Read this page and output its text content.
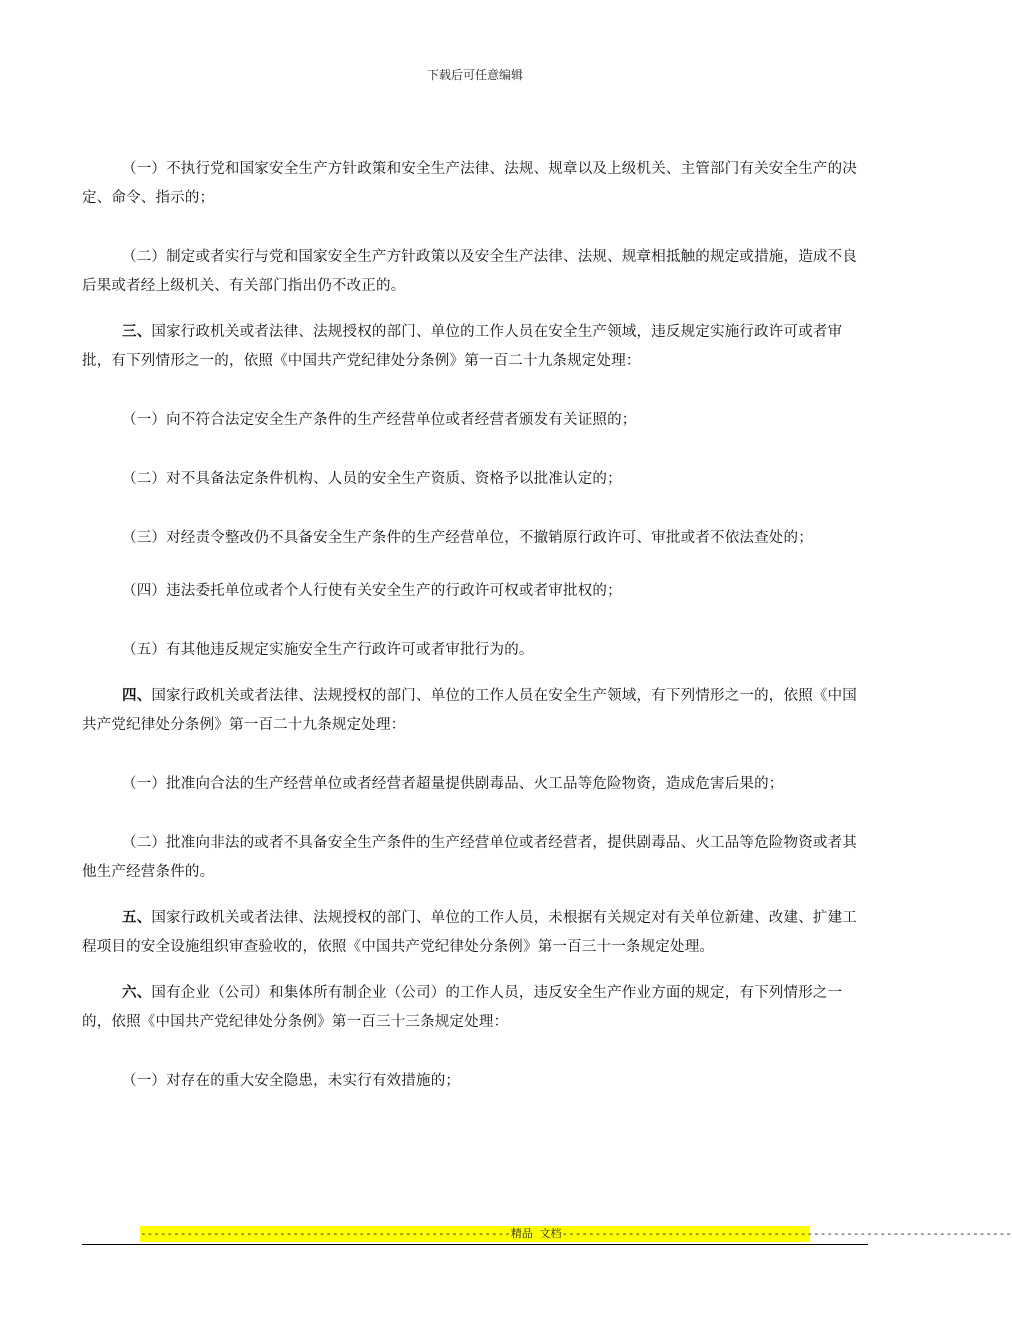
下载后可任意编辑

（一）不执行党和国家安全生产方针政策和安全生产法律、法规、规章以及上级机关、主管部门有关安全生产的决定、命令、指示的；

（二）制定或者实行与党和国家安全生产方针政策以及安全生产法律、法规、规章相抵触的规定或措施，造成不良后果或者经上级机关、有关部门指出仍不改正的。

三、国家行政机关或者法律、法规授权的部门、单位的工作人员在安全生产领域，违反规定实施行政许可或者审批，有下列情形之一的，依照《中国共产党纪律处分条例》第一百二十九条规定处理：

（一）向不符合法定安全生产条件的生产经营单位或者经营者颁发有关证照的；

（二）对不具备法定条件机构、人员的安全生产资质、资格予以批准认定的；

（三）对经责令整改仍不具备安全生产条件的生产经营单位，不撤销原行政许可、审批或者不依法查处的；

（四）违法委托单位或者个人行使有关安全生产的行政许可权或者审批权的；

（五）有其他违反规定实施安全生产行政许可或者审批行为的。

四、国家行政机关或者法律、法规授权的部门、单位的工作人员在安全生产领域，有下列情形之一的，依照《中国共产党纪律处分条例》第一百二十九条规定处理：

（一）批准向合法的生产经营单位或者经营者超量提供剧毒品、火工品等危险物资，造成危害后果的；

（二）批准向非法的或者不具备安全生产条件的生产经营单位或者经营者，提供剧毒品、火工品等危险物资或者其他生产经营条件的。

五、国家行政机关或者法律、法规授权的部门、单位的工作人员，未根据有关规定对有关单位新建、改建、扩建工程项目的安全设施组织审查验收的，依照《中国共产党纪律处分条例》第一百三十一条规定处理。

六、国有企业（公司）和集体所有制企业（公司）的工作人员，违反安全生产作业方面的规定，有下列情形之一的，依照《中国共产党纪律处分条例》第一百三十三条规定处理：

（一）对存在的重大安全隐患，未实行有效措施的；

--------------------------------------------------------精品 文档--------------------------------------------------------------------
